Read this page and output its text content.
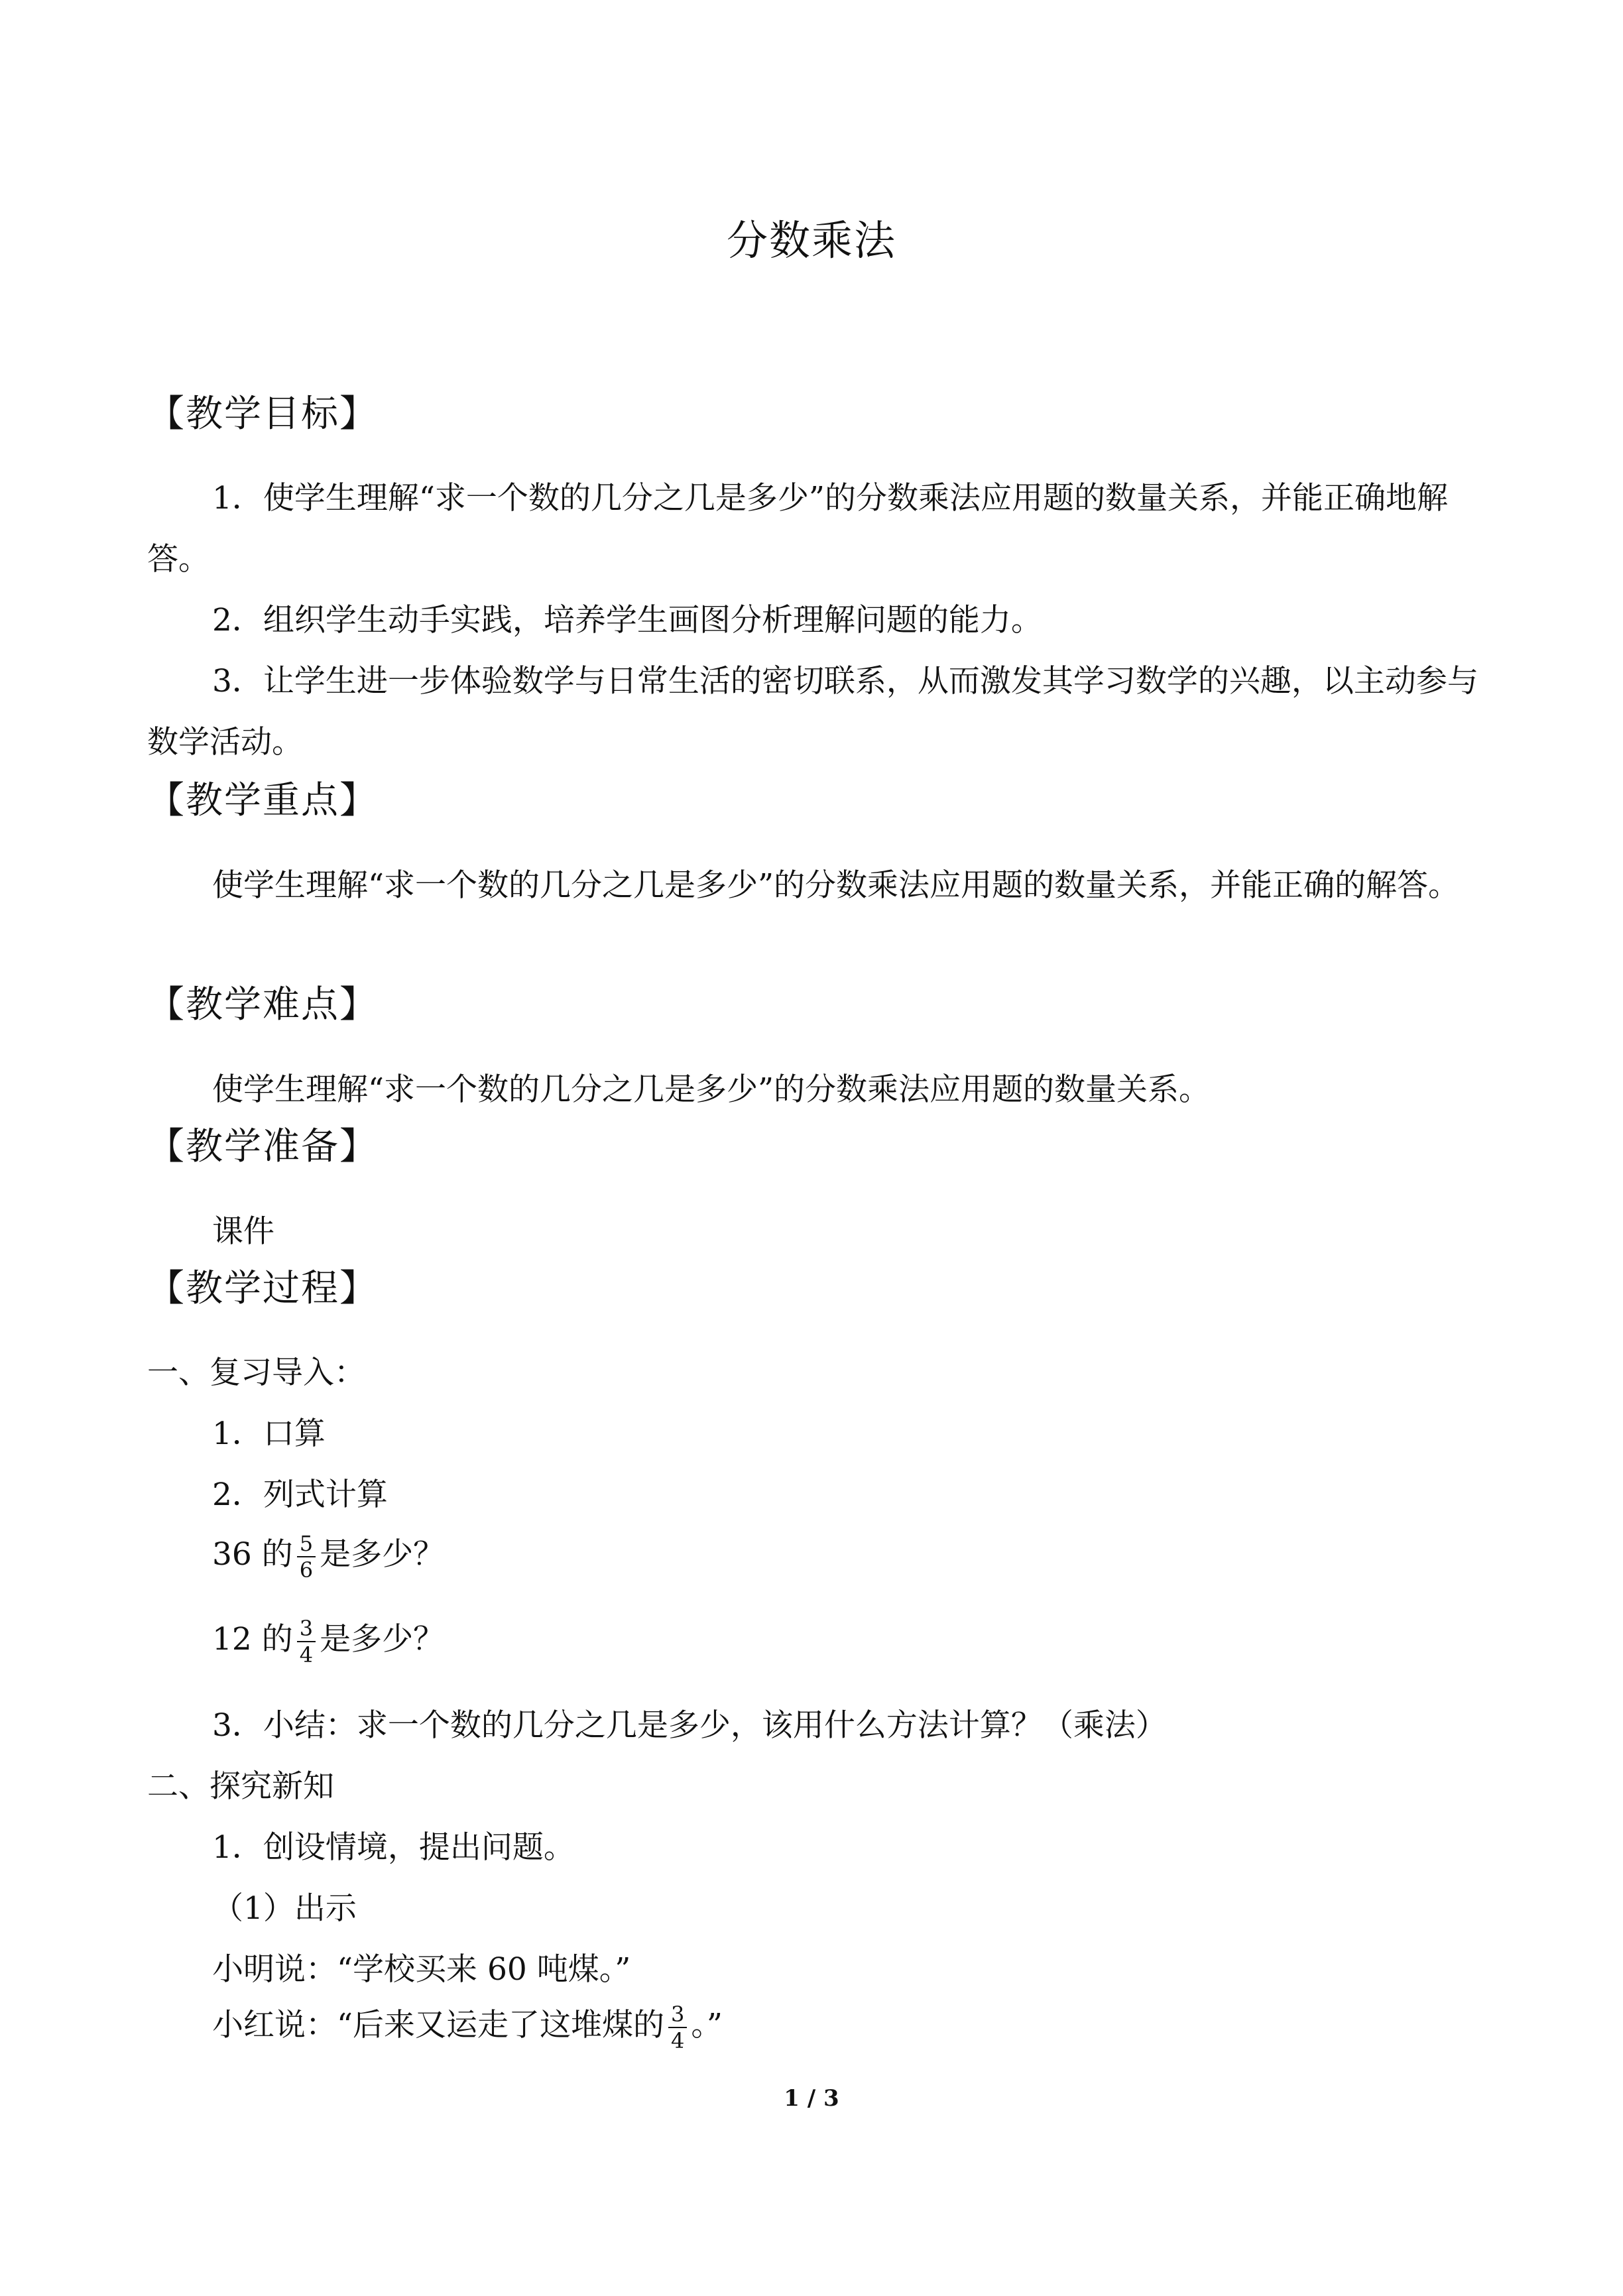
分数乘法
【教学目标】

1．使学生理解“求一个数的几分之几是多少”的分数乘法应用题的数量关系，并能正确地解答。

2．组织学生动手实践，培养学生画图分析理解问题的能力。

3．让学生进一步体验数学与日常生活的密切联系，从而激发其学习数学的兴趣，以主动参与数学活动。

【教学重点】

使学生理解“求一个数的几分之几是多少”的分数乘法应用题的数量关系，并能正确的解答。

【教学难点】

使学生理解“求一个数的几分之几是多少”的分数乘法应用题的数量关系。

【教学准备】

课件

【教学过程】
一、复习导入：
1．口算
2．列式计算
36 的 $\frac{5}{6}$ 是多少？
12 的 $\frac{3}{4}$ 是多少？
3．小结：求一个数的几分之几是多少，该用什么方法计算？（乘法）
二、探究新知
1．创设情境，提出问题。
（1）出示
小明说：“学校买来 60 吨煤。”
小红说：“后来又运走了这堆煤的 $\frac{3}{4}$ 。”
1 / 3
